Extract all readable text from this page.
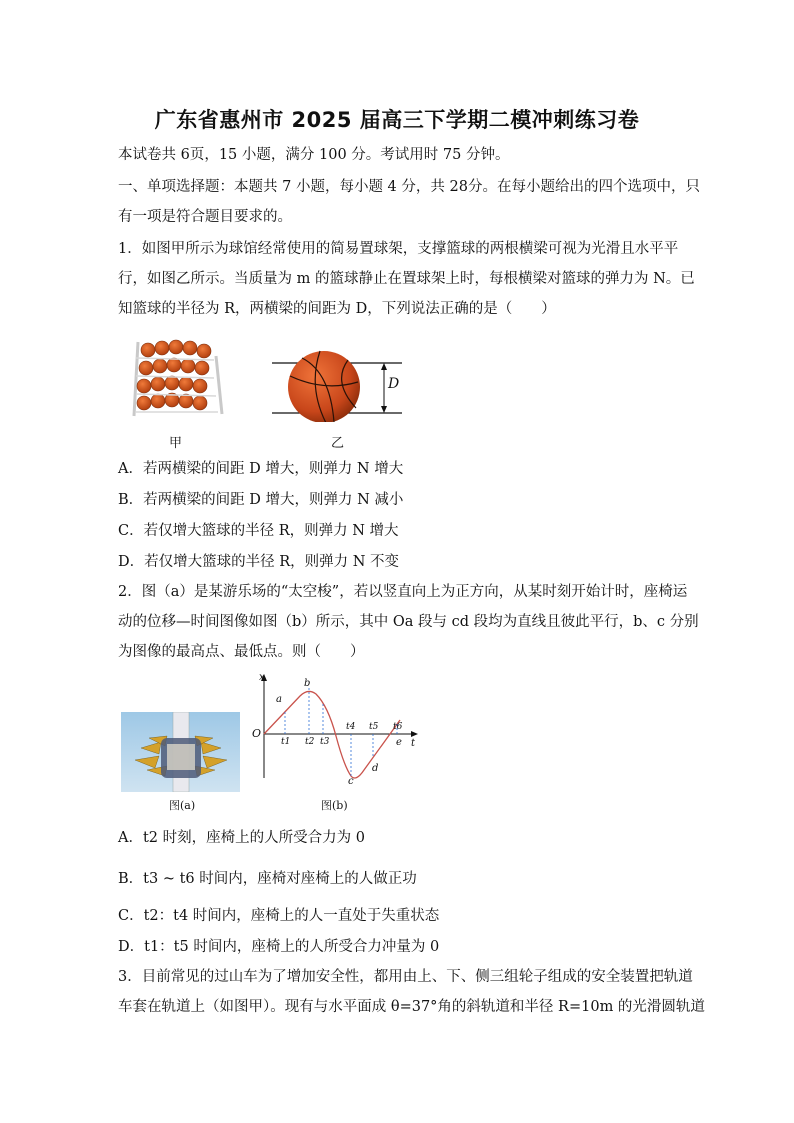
广东省惠州市 2025 届高三下学期二模冲刺练习卷
本试卷共 6页，15 小题，满分 100 分。考试用时 75 分钟。
一、单项选择题：本题共 7 小题，每小题 4 分，共 28分。在每小题给出的四个选项中，只
有一项是符合题目要求的。
1．如图甲所示为球馆经常使用的简易置球架，支撑篮球的两根横梁可视为光滑且水平平
行，如图乙所示。当质量为 m 的篮球静止在置球架上时，每根横梁对篮球的弹力为 N。已
知篮球的半径为 R，两横梁的间距为 D，下列说法正确的是（　　）
甲
D
乙
A．若两横梁的间距 D 增大，则弹力 N 增大
B．若两横梁的间距 D 增大，则弹力 N 减小
C．若仅增大篮球的半径 R，则弹力 N 增大
D．若仅增大篮球的半径 R，则弹力 N 不变
2．图（a）是某游乐场的“太空梭”，若以竖直向上为正方向，从某时刻开始计时，座椅运
动的位移—时间图像如图（b）所示，其中 Oa 段与 cd 段均为直线且彼此平行，b、c 分别
为图像的最高点、最低点。则（　　）
图(a)
x
t
O
a
b
c
d
e
t1 t2 t3
t4 t5 t6
图(b)
A．t2 时刻，座椅上的人所受合力为 0
B．t3 ~ t6 时间内，座椅对座椅上的人做正功
C．t2：t4 时间内，座椅上的人一直处于失重状态
D．t1：t5 时间内，座椅上的人所受合力冲量为 0
3．目前常见的过山车为了增加安全性，都用由上、下、侧三组轮子组成的安全装置把轨道
车套在轨道上（如图甲）。现有与水平面成 θ=37°角的斜轨道和半径 R=10m 的光滑圆轨道
